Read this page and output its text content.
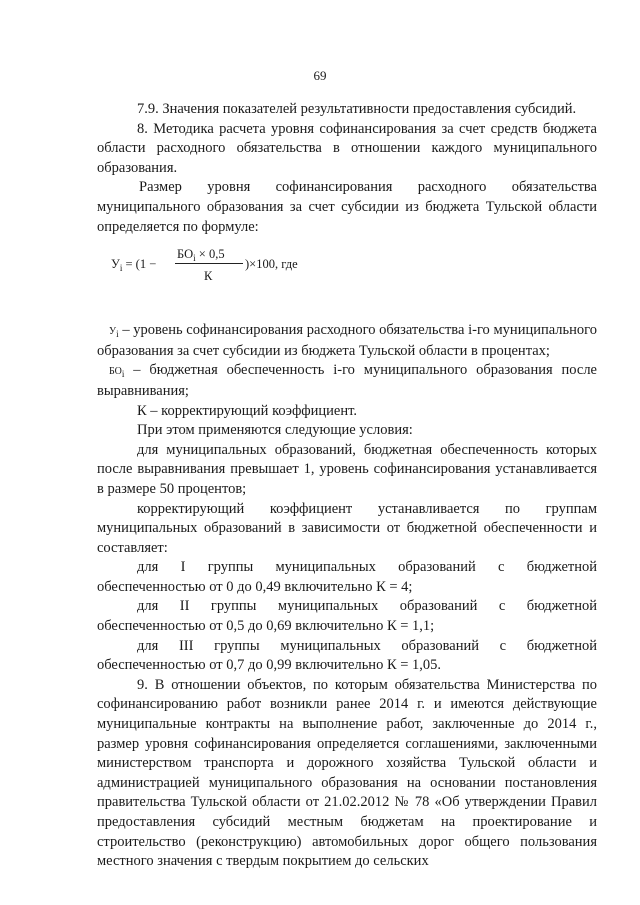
69

7.9. Значения показателей результативности предоставления субсидий.

8. Методика расчета уровня софинансирования за счет средств бюджета области расходного обязательства в отношении каждого муниципального образования.

Размер уровня софинансирования расходного обязательства муниципального образования за счет субсидии из бюджета Тульской области определяется по формуле:

$У_i = (1$ −
$БО_i \times 0,5$
К
)×100, где

$У_i$ – уровень софинансирования расходного обязательства i-го муниципального образования за счет субсидии из бюджета Тульской области в процентах;

$БО_i$ – бюджетная обеспеченность i-го муниципального образования после выравнивания;

К – корректирующий коэффициент.

При этом применяются следующие условия:

для муниципальных образований, бюджетная обеспеченность которых после выравнивания превышает 1, уровень софинансирования устанавливается в размере 50 процентов;

корректирующий коэффициент устанавливается по группам муниципальных образований в зависимости от бюджетной обеспеченности и составляет:

для I группы муниципальных образований с бюджетной обеспеченностью от 0 до 0,49 включительно К = 4;

для II группы муниципальных образований с бюджетной обеспеченностью от 0,5 до 0,69 включительно К = 1,1;

для III группы муниципальных образований с бюджетной обеспеченностью от 0,7 до 0,99 включительно К = 1,05.

9. В отношении объектов, по которым обязательства Министерства по софинансированию работ возникли ранее 2014 г. и имеются действующие муниципальные контракты на выполнение работ, заключенные до 2014 г., размер уровня софинансирования определяется соглашениями, заключенными министерством транспорта и дорожного хозяйства Тульской области и администрацией муниципального образования на основании постановления правительства Тульской области от 21.02.2012 № 78 «Об утверждении Правил предоставления субсидий местным бюджетам на проектирование и строительство (реконструкцию) автомобильных дорог общего пользования местного значения с твердым покрытием до сельских
